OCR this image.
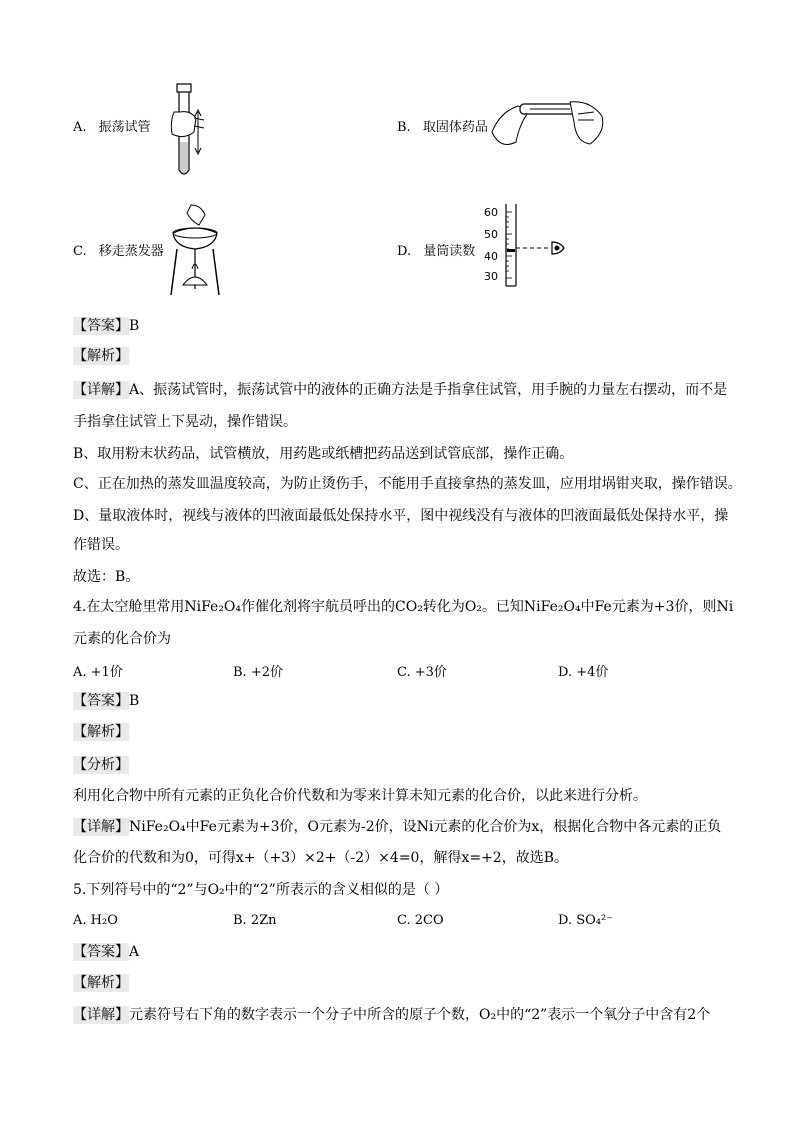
A. 振荡试管	B. 取固体药品
C. 移走蒸发器	D. 量筒读数
60
50
40
30
【答案】B
【解析】
【详解】A、振荡试管时，振荡试管中的液体的正确方法是手指拿住试管，用手腕的力量左右摆动，而不是
手指拿住试管上下晃动，操作错误。
B、取用粉末状药品，试管横放，用药匙或纸槽把药品送到试管底部，操作正确。
C、正在加热的蒸发皿温度较高，为防止烫伤手，不能用手直接拿热的蒸发皿，应用坩埚钳夹取，操作错误。
D、量取液体时，视线与液体的凹液面最低处保持水平，图中视线没有与液体的凹液面最低处保持水平，操
作错误。
故选：B。
4.在太空舱里常用NiFe₂O₄作催化剂将宇航员呼出的CO₂转化为O₂。已知NiFe₂O₄中Fe元素为+3价，则Ni
元素的化合价为
A. +1价	B. +2价	C. +3价	D. +4价
【答案】B
【解析】
【分析】
利用化合物中所有元素的正负化合价代数和为零来计算未知元素的化合价，以此来进行分析。
【详解】NiFe₂O₄中Fe元素为+3价，O元素为-2价，设Ni元素的化合价为x，根据化合物中各元素的正负
化合价的代数和为0，可得x+（+3）×2+（-2）×4=0，解得x=+2，故选B。
5.下列符号中的“2”与O₂中的“2”所表示的含义相似的是（ ）
A. H₂O	B. 2Zn	C. 2CO	D. SO₄²⁻
【答案】A
【解析】
【详解】元素符号右下角的数字表示一个分子中所含的原子个数，O₂中的“2”表示一个氧分子中含有2个
